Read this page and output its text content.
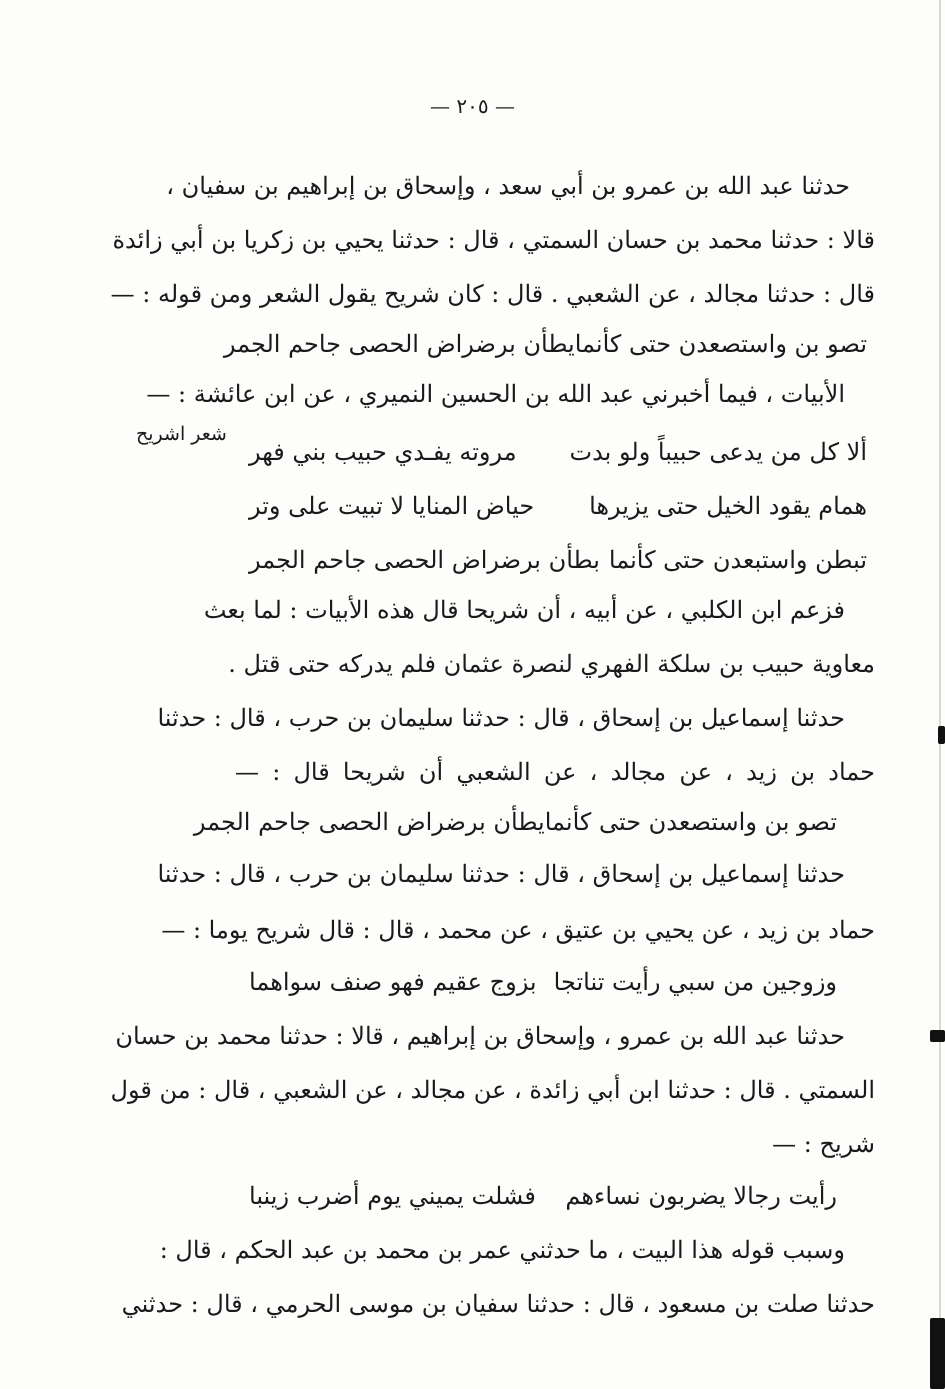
— ٢٠٥ —
شعر اشريح
حدثنا عبد الله بن عمرو بن أبي سعد ، وإسحاق بن إبراهيم بن سفيان ،
قالا : حدثنا محمد بن حسان السمتي ، قال : حدثنا يحيي بن زكريا بن أبي زائدة
قال : حدثنا مجالد ، عن الشعبي . قال : كان شريح يقول الشعر ومن قوله : —
تصو بن واستصعدن حتى كأنما
يطأن برضراض الحصى جاحم الجمر
الأبيات ، فيما أخبرني عبد الله بن الحسين النميري ، عن ابن عائشة : —
ألا كل من يدعى حبيباً ولو بدت
مروته يفـدي حبيب بني فهر
همام يقود الخيل حتى يزيرها
حياض المنايا لا تبيت على وتر
تبطن واستبعدن حتى كأنما
بطأن برضراض الحصى جاحم الجمر
فزعم ابن الكلبي ، عن أبيه ، أن شريحا قال هذه الأبيات : لما بعث
معاوية حبيب بن سلكة الفهري لنصرة عثمان فلم يدركه حتى قتل .
حدثنا إسماعيل بن إسحاق ، قال : حدثنا سليمان بن حرب ، قال : حدثنا
حماد بن زيد ، عن مجالد ، عن الشعبي أن شريحا قال : —
تصو بن واستصعدن حتى كأنما
يطأن برضراض الحصى جاحم الجمر
حدثنا إسماعيل بن إسحاق ، قال : حدثنا سليمان بن حرب ، قال : حدثنا
حماد بن زيد ، عن يحيي بن عتيق ، عن محمد ، قال : قال شريح يوما : —
وزوجين من سبي رأيت تناتجا
بزوج عقيم فهو صنف سواهما
حدثنا عبد الله بن عمرو ، وإسحاق بن إبراهيم ، قالا : حدثنا محمد بن حسان
السمتي . قال : حدثنا ابن أبي زائدة ، عن مجالد ، عن الشعبي ، قال : من قول
شريح : —
رأيت رجالا يضربون نساءهم
فشلت يميني يوم أضرب زينبا
وسبب قوله هذا البيت ، ما حدثني عمر بن محمد بن عبد الحكم ، قال :
حدثنا صلت بن مسعود ، قال : حدثنا سفيان بن موسى الحرمي ، قال : حدثني
